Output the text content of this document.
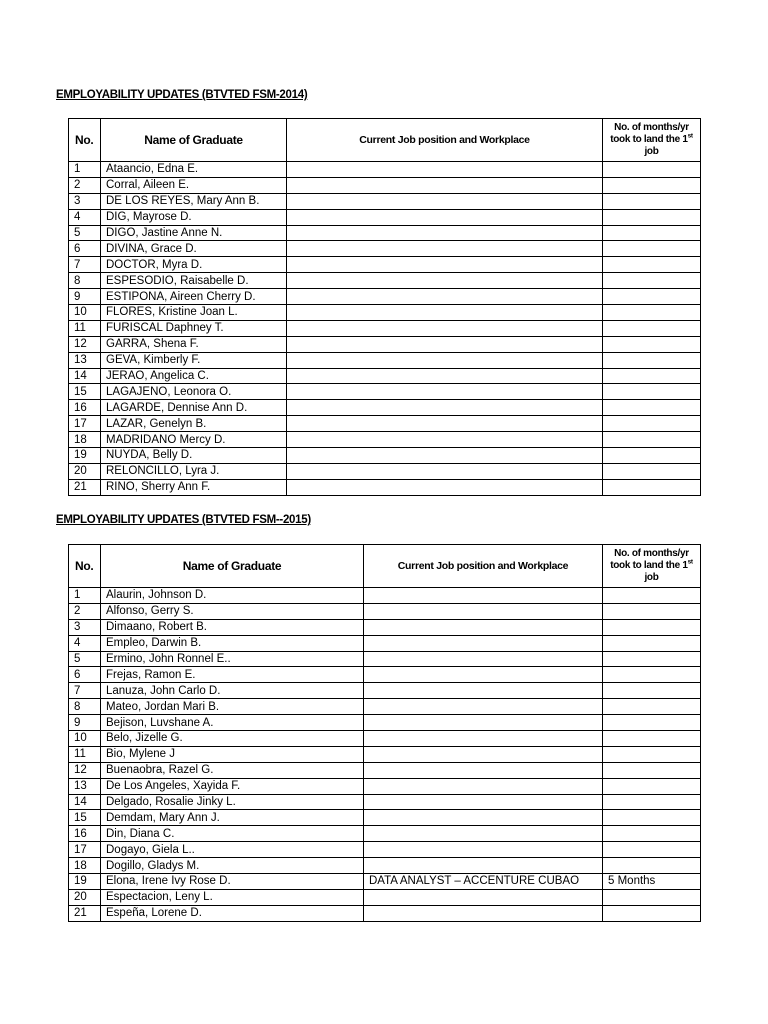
EMPLOYABILITY UPDATES (BTVTED FSM-2014)
No.	Name of Graduate	Current Job position and Workplace	No. of months/yr took to land the 1st job
1	Ataancio, Edna E.		
2	Corral, Aileen E.		
3	DE LOS REYES, Mary Ann B.		
4	DIG, Mayrose D.		
5	DIGO, Jastine Anne N.		
6	DIVINA, Grace D.		
7	DOCTOR, Myra D.		
8	ESPESODIO, Raisabelle D.		
9	ESTIPONA, Aireen Cherry D.		
10	FLORES, Kristine Joan L.		
11	FURISCAL Daphney T.		
12	GARRA, Shena F.		
13	GEVA, Kimberly F.		
14	JERAO, Angelica C.		
15	LAGAJENO, Leonora O.		
16	LAGARDE, Dennise Ann D.		
17	LAZAR, Genelyn B.		
18	MADRIDANO Mercy D.		
19	NUYDA, Belly D.		
20	RELONCILLO, Lyra J.		
21	RINO, Sherry Ann F.		
EMPLOYABILITY UPDATES (BTVTED FSM--2015)
No.	Name of Graduate	Current Job position and Workplace	No. of months/yr took to land the 1st job
1	Alaurin, Johnson D.		
2	Alfonso, Gerry S.		
3	Dimaano, Robert B.		
4	Empleo, Darwin B.		
5	Ermino, John Ronnel E..		
6	Frejas, Ramon E.		
7	Lanuza, John Carlo D.		
8	Mateo, Jordan Mari B.		
9	Bejison, Luvshane A.		
10	Belo, Jizelle G.		
11	Bio, Mylene J		
12	Buenaobra, Razel G.		
13	De Los Angeles, Xayida F.		
14	Delgado, Rosalie Jinky L.		
15	Demdam, Mary Ann J.		
16	Din, Diana C.		
17	Dogayo, Giela L..		
18	Dogillo, Gladys M.		
19	Elona, Irene Ivy Rose D.	DATA ANALYST – ACCENTURE CUBAO	5 Months
20	Espectacion, Leny L.		
21	Espeña, Lorene D.		
